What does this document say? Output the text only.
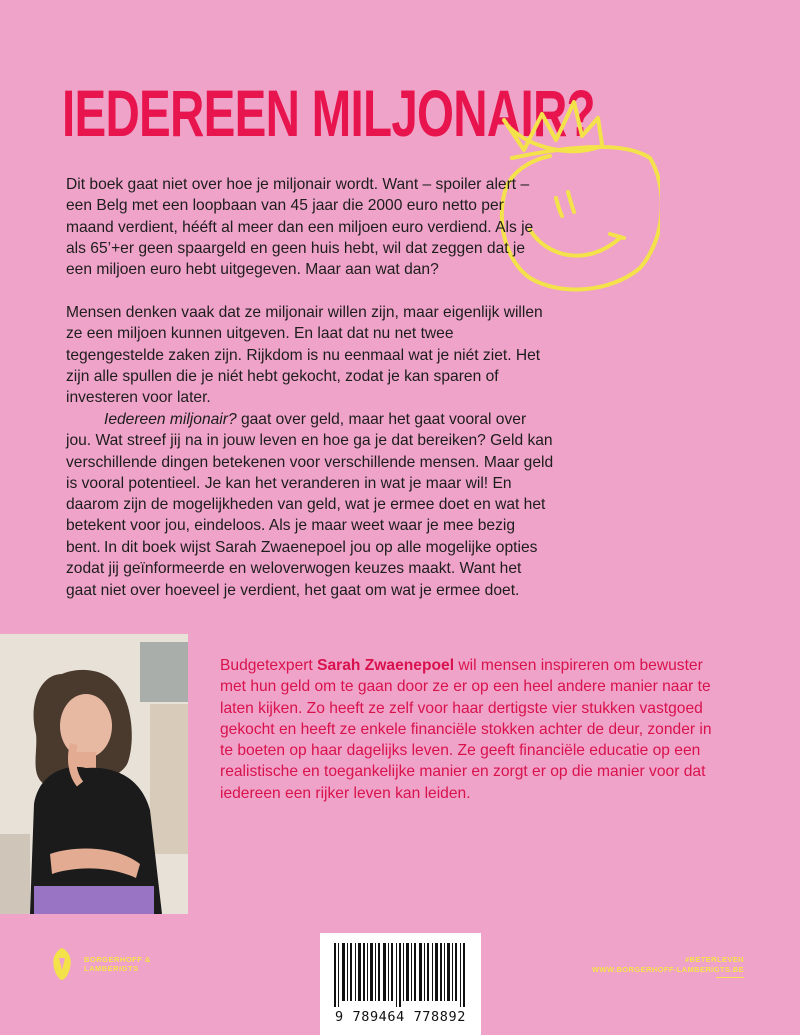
IEDEREEN MILJONAIR?

Dit boek gaat niet over hoe je miljonair wordt. Want – spoiler alert – een Belg met een loopbaan van 45 jaar die 2000 euro netto per maand verdient, hééft al meer dan een miljoen euro verdiend. Als je als 65’+er geen spaargeld en geen huis hebt, wil dat zeggen dat je een miljoen euro hebt uitgegeven. Maar aan wat dan?

Mensen denken vaak dat ze miljonair willen zijn, maar eigenlijk willen ze een miljoen kunnen uitgeven. En laat dat nu net twee tegengestelde zaken zijn. Rijkdom is nu eenmaal wat je niét ziet. Het zijn alle spullen die je niét hebt gekocht, zodat je kan sparen of investeren voor later.

Iedereen miljonair? gaat over geld, maar het gaat vooral over jou. Wat streef jij na in jouw leven en hoe ga je dat bereiken? Geld kan verschillende dingen betekenen voor verschillende mensen. Maar geld is vooral potentieel. Je kan het veranderen in wat je maar wil! En daarom zijn de mogelijkheden van geld, wat je ermee doet en wat het betekent voor jou, eindeloos. Als je maar weet waar je mee bezig bent. In dit boek wijst Sarah Zwaenepoel jou op alle mogelijke opties zodat jij geïnformeerde en weloverwogen keuzes maakt. Want het gaat niet over hoeveel je verdient, het gaat om wat je ermee doet.

Budgetexpert Sarah Zwaenepoel wil mensen inspireren om bewuster met hun geld om te gaan door ze er op een heel andere manier naar te laten kijken. Zo heeft ze zelf voor haar dertigste vier stukken vastgoed gekocht en heeft ze enkele financiële stokken achter de deur, zonder in te boeten op haar dagelijks leven. Ze geeft financiële educatie op een realistische en toegankelijke manier en zorgt er op die manier voor dat iedereen een rijker leven kan leiden.

BORGERHOFF & LAMBERIGTS
9 789464 778892
#BETERLEVEN
WWW.BORGERHOFF-LAMBERIGTS.BE
